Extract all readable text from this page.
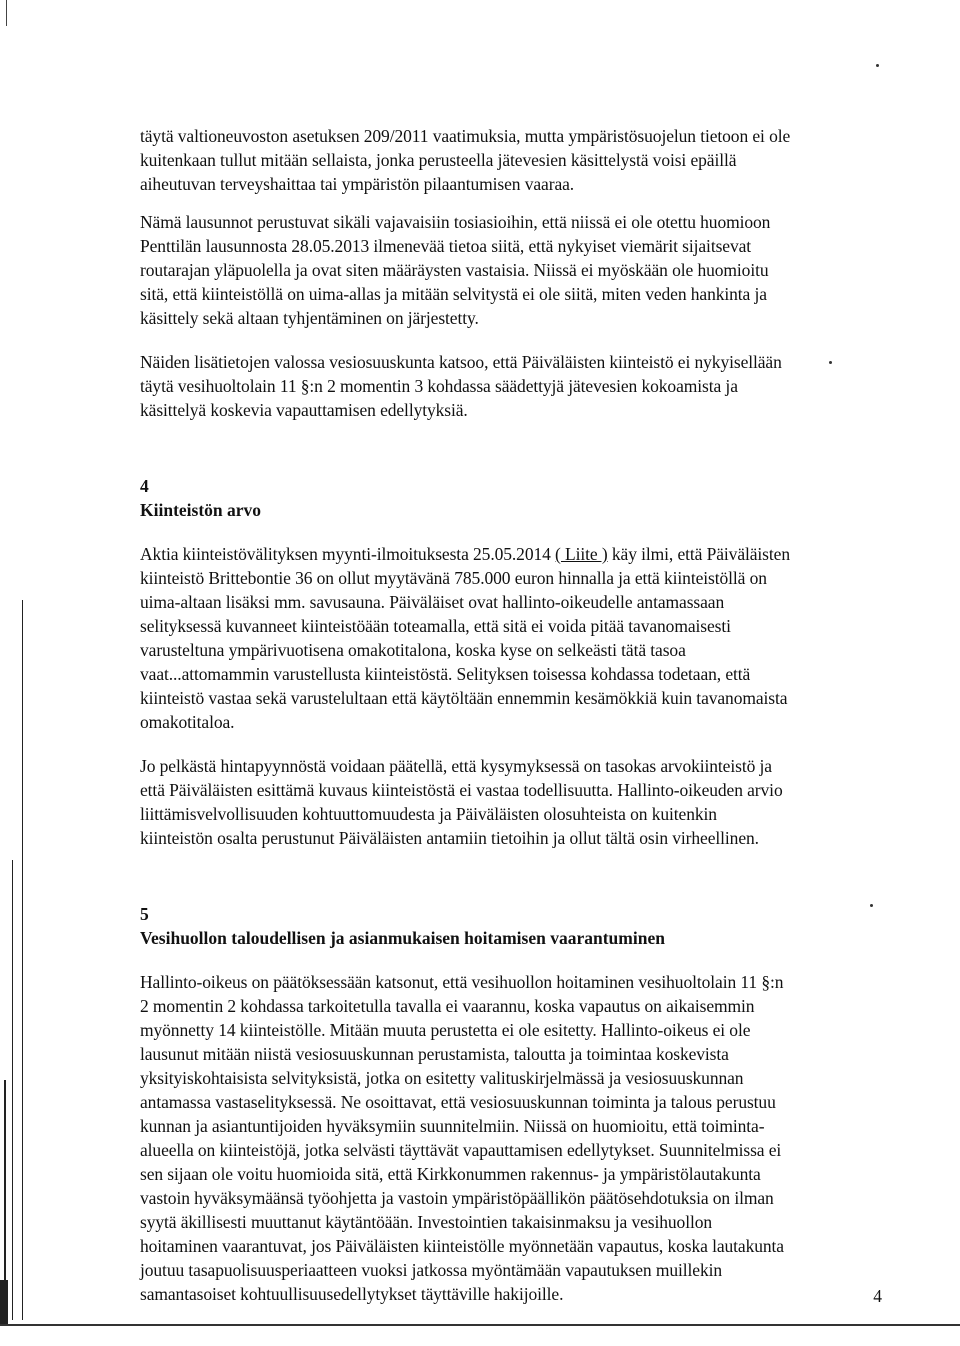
täytä valtioneuvoston asetuksen 209/2011 vaatimuksia, mutta ympäristösuojelun tietoon ei ole
kuitenkaan tullut mitään sellaista, jonka perusteella jätevesien käsittelystä voisi epäillä
aiheutuvan terveyshaittaa tai ympäristön pilaantumisen vaaraa.

Nämä lausunnot perustuvat sikäli vajavaisiin tosiasioihin, että niissä ei ole otettu huomioon
Penttilän lausunnosta 28.05.2013 ilmenevää tietoa siitä, että nykyiset viemärit sijaitsevat
routarajan yläpuolella ja ovat siten määräysten vastaisia. Niissä ei myöskään ole huomioitu
sitä, että kiinteistöllä on uima-allas ja mitään selvitystä ei ole siitä, miten veden hankinta ja
käsittely sekä altaan tyhjentäminen on järjestetty.

Näiden lisätietojen valossa vesiosuuskunta katsoo, että Päiväläisten kiinteistö ei nykyisellään
täytä vesihuoltolain 11 §:n 2 momentin 3 kohdassa säädettyjä jätevesien kokoamista ja
käsittelyä koskevia vapauttamisen edellytyksiä.

4

Kiinteistön arvo

Aktia kiinteistövälityksen myynti-ilmoituksesta 25.05.2014 ( Liite ) käy ilmi, että Päiväläisten
kiinteistö Brittebontie 36 on ollut myytävänä 785.000 euron hinnalla ja että kiinteistöllä on
uima-altaan lisäksi mm. savusauna. Päiväläiset ovat hallinto-oikeudelle antamassaan
selityksessä kuvanneet kiinteistöään toteamalla, että sitä ei voida pitää tavanomaisesti
varusteltuna ympärivuotisena omakotitalona, koska kyse on selkeästi tätä tasoa
vaat...attomammin varustellusta kiinteistöstä. Selityksen toisessa kohdassa todetaan, että
kiinteistö vastaa sekä varustelultaan että käytöltään ennemmin kesämökkiä kuin tavanomaista
omakotitaloa.

Jo pelkästä hintapyynnöstä voidaan päätellä, että kysymyksessä on tasokas arvokiinteistö ja
että Päiväläisten esittämä kuvaus kiinteistöstä ei vastaa todellisuutta. Hallinto-oikeuden arvio
liittämisvelvollisuuden kohtuuttomuudesta ja Päiväläisten olosuhteista on kuitenkin
kiinteistön osalta perustunut Päiväläisten antamiin tietoihin ja ollut tältä osin virheellinen.

5

Vesihuollon taloudellisen ja asianmukaisen hoitamisen vaarantuminen

Hallinto-oikeus on päätöksessään katsonut, että vesihuollon hoitaminen vesihuoltolain 11 §:n
2 momentin 2 kohdassa tarkoitetulla tavalla ei vaarannu, koska vapautus on aikaisemmin
myönnetty 14 kiinteistölle. Mitään muuta perustetta ei ole esitetty. Hallinto-oikeus ei ole
lausunut mitään niistä vesiosuuskunnan perustamista, taloutta ja toimintaa koskevista
yksityiskohtaisista selvityksistä, jotka on esitetty valituskirjelmässä ja vesiosuuskunnan
antamassa vastaselityksessä. Ne osoittavat, että vesiosuuskunnan toiminta ja talous perustuu
kunnan ja asiantuntijoiden hyväksymiin suunnitelmiin. Niissä on huomioitu, että toiminta-
alueella on kiinteistöjä, jotka selvästi täyttävät vapauttamisen edellytykset. Suunnitelmissa ei
sen sijaan ole voitu huomioida sitä, että Kirkkonummen rakennus- ja ympäristölautakunta
vastoin hyväksymäänsä työohjetta ja vastoin ympäristöpäällikön päätösehdotuksia on ilman
syytä äkillisesti muuttanut käytäntöään. Investointien takaisinmaksu ja vesihuollon
hoitaminen vaarantuvat, jos Päiväläisten kiinteistölle myönnetään vapautus, koska lautakunta
joutuu tasapuolisuusperiaatteen vuoksi jatkossa myöntämään vapautuksen muillekin
samantasoiset kohtuullisuusedellytykset täyttäville hakijoille.	4
